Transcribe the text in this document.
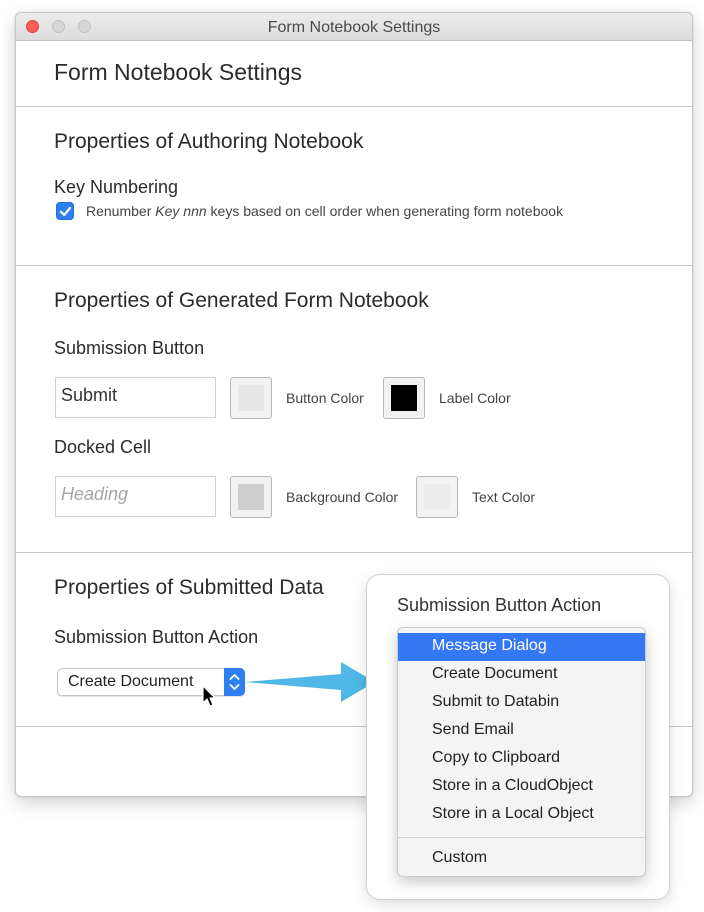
Form Notebook Settings
Form Notebook Settings
Properties of Authoring Notebook
Key Numbering
Renumber Key nnn keys based on cell order when generating form notebook
Properties of Generated Form Notebook
Submission Button
Submit	Button Color	Label Color
Docked Cell
Heading	Background Color	Text Color
Properties of Submitted Data
Submission Button Action
Create Document
Submission Button Action
Message Dialog
Create Document
Submit to Databin
Send Email
Copy to Clipboard
Store in a CloudObject
Store in a Local Object
Custom
